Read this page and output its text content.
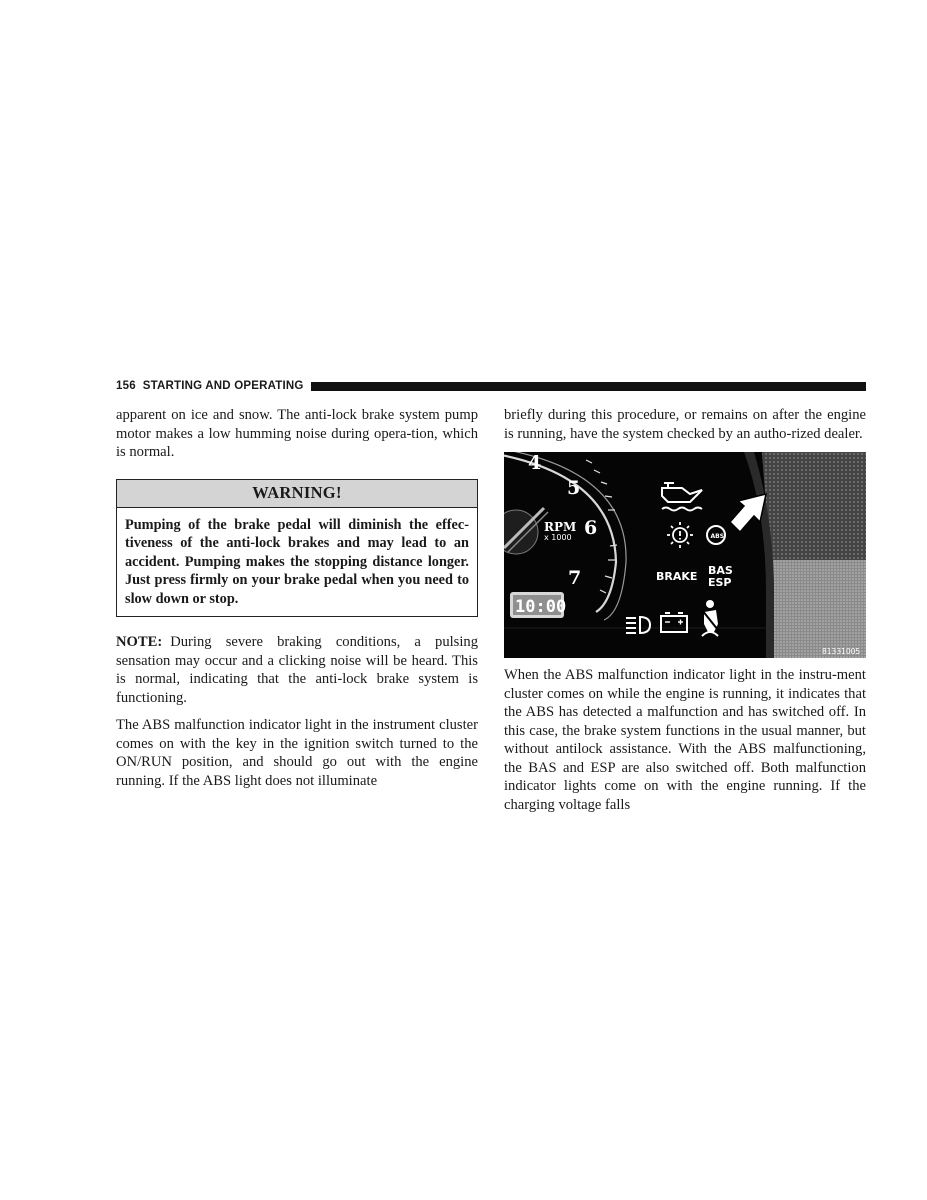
156 STARTING AND OPERATING

apparent on ice and snow. The anti-lock brake system pump motor makes a low humming noise during opera-tion, which is normal.

WARNING!
Pumping of the brake pedal will diminish the effec-tiveness of the anti-lock brakes and may lead to an accident. Pumping makes the stopping distance longer. Just press firmly on your brake pedal when you need to slow down or stop.

NOTE: During severe braking conditions, a pulsing sensation may occur and a clicking noise will be heard. This is normal, indicating that the anti-lock brake system is functioning.

The ABS malfunction indicator light in the instrument cluster comes on with the key in the ignition switch turned to the ON/RUN position, and should go out with the engine running. If the ABS light does not illuminate

briefly during this procedure, or remains on after the engine is running, have the system checked by an autho-rized dealer.

4
5
6
7
RPM
x 1000
10:00
ABS
BRAKE BAS
ESP
81331005

When the ABS malfunction indicator light in the instru-ment cluster comes on while the engine is running, it indicates that the ABS has detected a malfunction and has switched off. In this case, the brake system functions in the usual manner, but without antilock assistance. With the ABS malfunctioning, the BAS and ESP are also switched off. Both malfunction indicator lights come on with the engine running. If the charging voltage falls
